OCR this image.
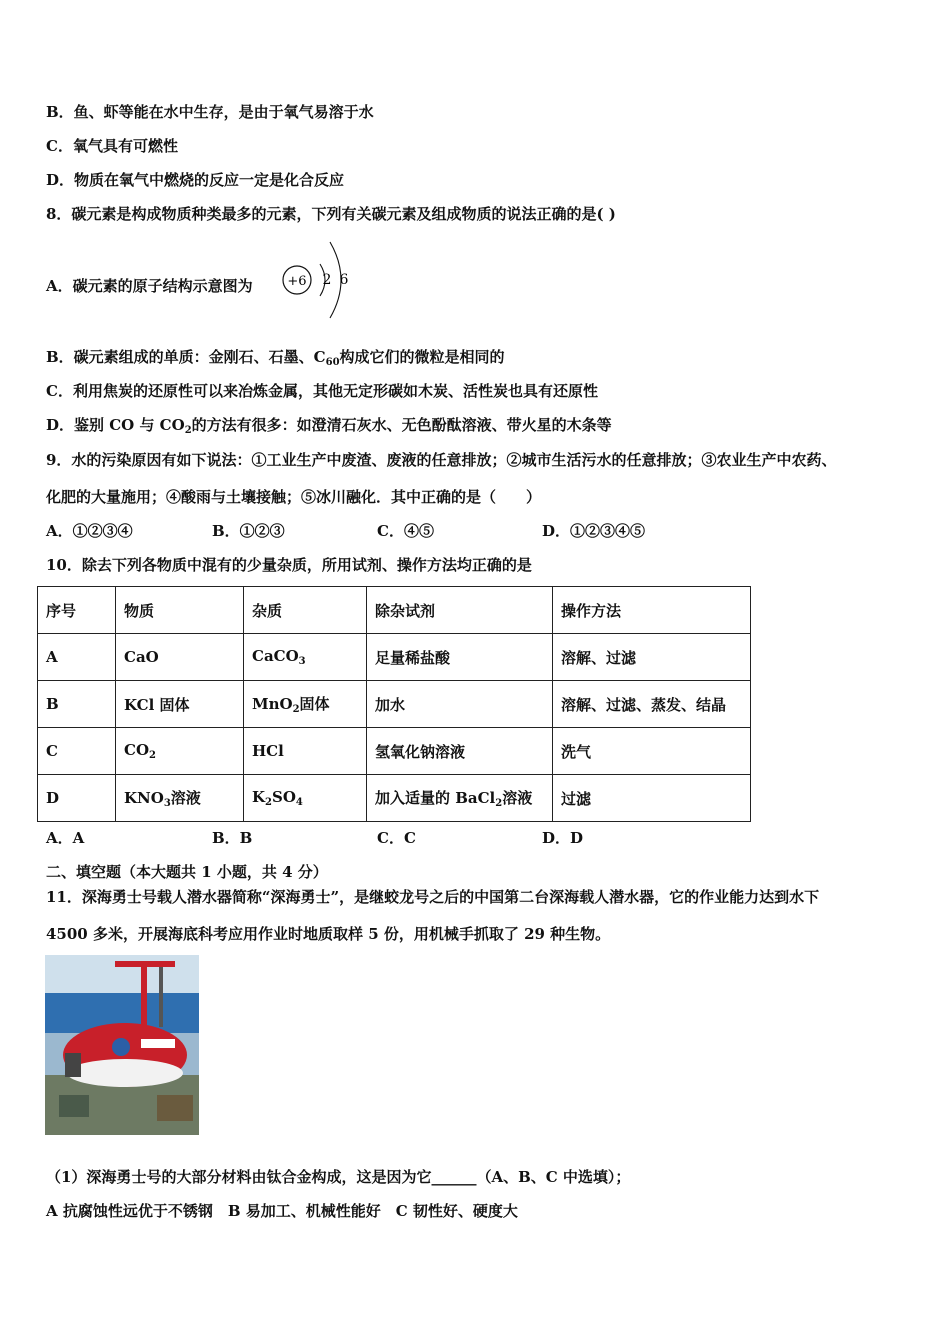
B．鱼、虾等能在水中生存，是由于氧气易溶于水
C．氧气具有可燃性
D．物质在氧气中燃烧的反应一定是化合反应
8．碳元素是构成物质种类最多的元素，下列有关碳元素及组成物质的说法正确的是( )
A．碳元素的原子结构示意图为	+6 2 6
B．碳元素组成的单质：金刚石、石墨、$C_{60}$构成它们的微粒是相同的
C．利用焦炭的还原性可以来冶炼金属，其他无定形碳如木炭、活性炭也具有还原性
D．鉴别 CO 与 $CO_2$的方法有很多：如澄清石灰水、无色酚酞溶液、带火星的木条等
9．水的污染原因有如下说法：①工业生产中废渣、废液的任意排放；②城市生活污水的任意排放；③农业生产中农药、
化肥的大量施用；④酸雨与土壤接触；⑤冰川融化．其中正确的是（　　）
A．①②③④	B．①②③	C．④⑤	D．①②③④⑤
10．除去下列各物质中混有的少量杂质，所用试剂、操作方法均正确的是
序号	物质	杂质	除杂试剂	操作方法
A	CaO	CaCO$_3$	足量稀盐酸	溶解、过滤
B	KCl 固体	MnO$_2$固体	加水	溶解、过滤、蒸发、结晶
C	$CO_2$	HCl	氢氧化钠溶液	洗气
D	$KNO_3$溶液	$K_2SO_4$	加入适量的 BaCl$_2$溶液	过滤
A．A	B．B	C．C	D．D
二、填空题（本大题共 1 小题，共 4 分）
11．深海勇士号载人潜水器简称“深海勇士”，是继蛟龙号之后的中国第二台深海载人潜水器，它的作业能力达到水下
4500 多米，开展海底科考应用作业时地质取样 5 份，用机械手抓取了 29 种生物。
（1）深海勇士号的大部分材料由钛合金构成，这是因为它______（A、B、C 中选填）；
A 抗腐蚀性远优于不锈钢　B 易加工、机械性能好　C 韧性好、硬度大
